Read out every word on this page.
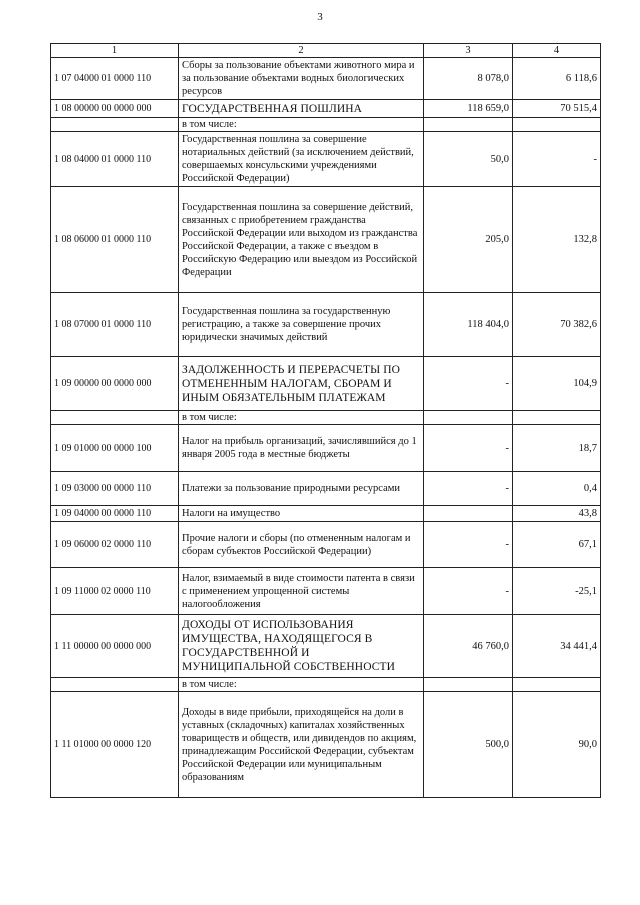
3
1	2	3	4
1 07 04000 01 0000 110	Сборы за пользование объектами животного мира и за пользование объектами водных биологических ресурсов	8 078,0	6 118,6
1 08 00000 00 0000 000	ГОСУДАРСТВЕННАЯ ПОШЛИНА	118 659,0	70 515,4
	в том числе:		
1 08 04000 01 0000 110	Государственная пошлина за совершение нотариальных действий (за исключением действий, совершаемых консульскими учреждениями Российской Федерации)	50,0	-
1 08 06000 01 0000 110	Государственная пошлина за совершение действий, связанных с приобретением гражданства Российской Федерации или выходом из гражданства Российской Федерации, а также с въездом в Российскую Федерацию или выездом из Российской Федерации	205,0	132,8
1 08 07000 01 0000 110	Государственная пошлина за государственную регистрацию, а также за совершение прочих юридически значимых действий	118 404,0	70 382,6
1 09 00000 00 0000 000	ЗАДОЛЖЕННОСТЬ И ПЕРЕРАСЧЕТЫ ПО ОТМЕНЕННЫМ НАЛОГАМ, СБОРАМ И ИНЫМ ОБЯЗАТЕЛЬНЫМ ПЛАТЕЖАМ	-	104,9
	в том числе:		
1 09 01000 00 0000 100	Налог на прибыль организаций, зачислявшийся до 1 января 2005 года в местные бюджеты	-	18,7
1 09 03000 00 0000 110	Платежи за пользование природными ресурсами	-	0,4
1 09 04000 00 0000 110	Налоги на имущество		43,8
1 09 06000 02 0000 110	Прочие налоги и сборы (по отмененным налогам и сборам субъектов Российской Федерации)	-	67,1
1 09 11000 02 0000 110	Налог, взимаемый в виде стоимости патента в связи с применением упрощенной системы налогообложения	-	-25,1
1 11 00000 00 0000 000	ДОХОДЫ ОТ ИСПОЛЬЗОВАНИЯ ИМУЩЕСТВА, НАХОДЯЩЕГОСЯ В ГОСУДАРСТВЕННОЙ И МУНИЦИПАЛЬНОЙ СОБСТВЕННОСТИ	46 760,0	34 441,4
	в том числе:		
1 11 01000 00 0000 120	Доходы в виде прибыли, приходящейся на доли в уставных (складочных) капиталах хозяйственных товариществ и обществ, или дивидендов по акциям, принадлежащим Российской Федерации, субъектам Российской Федерации или муниципальным образованиям	500,0	90,0
